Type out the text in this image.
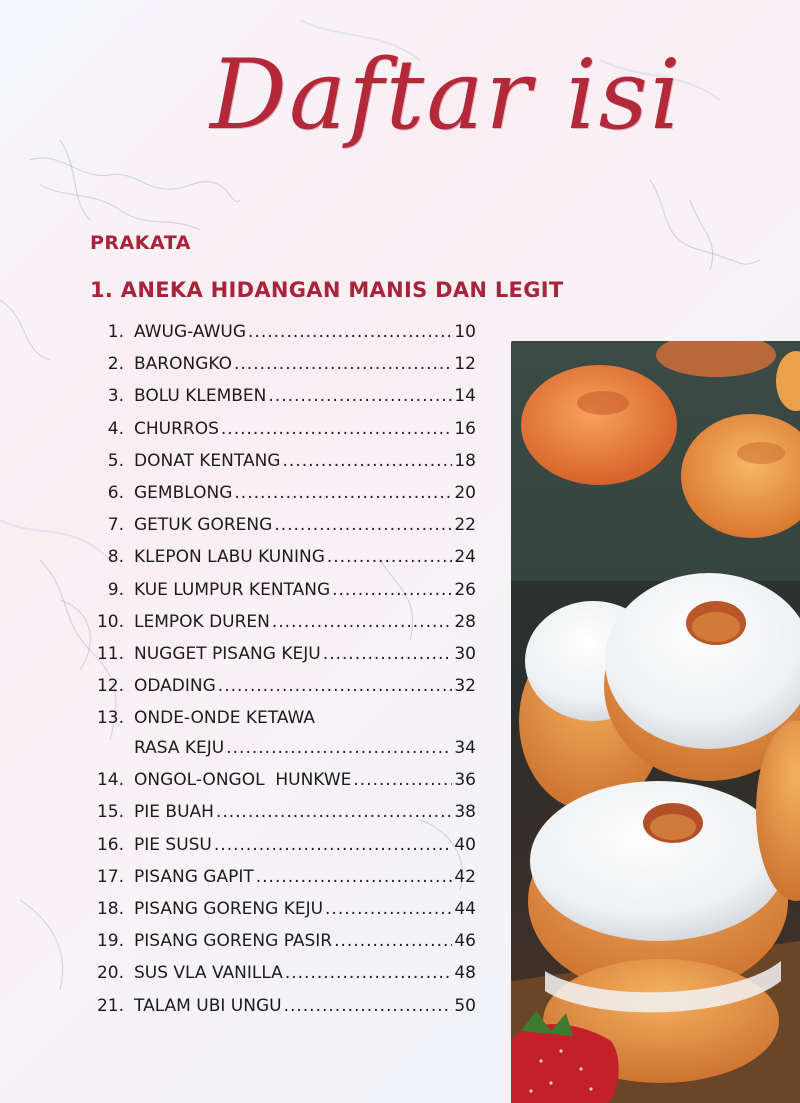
Daftar isi
PRAKATA
1. ANEKA HIDANGAN MANIS DAN LEGIT
1. AWUG-AWUG .....	10
2. BARONGKO .....	12
3. BOLU KLEMBEN .....	14
4. CHURROS .....	16
5. DONAT KENTANG .....	18
6. GEMBLONG .....	20
7. GETUK GORENG .....	22
8. KLEPON LABU KUNING .....	24
9. KUE LUMPUR KENTANG .....	26
10. LEMPOK DUREN .....	28
11. NUGGET PISANG KEJU .....	30
12. ODADING .....	32
13. ONDE-ONDE KETAWA
RASA KEJU .....	34
14. ONGOL-ONGOL  HUNKWE .....	36
15. PIE BUAH .....	38
16. PIE SUSU .....	40
17. PISANG GAPIT .....	42
18. PISANG GORENG KEJU .....	44
19. PISANG GORENG PASIR .....	46
20. SUS VLA VANILLA .....	48
21. TALAM UBI UNGU .....	50
